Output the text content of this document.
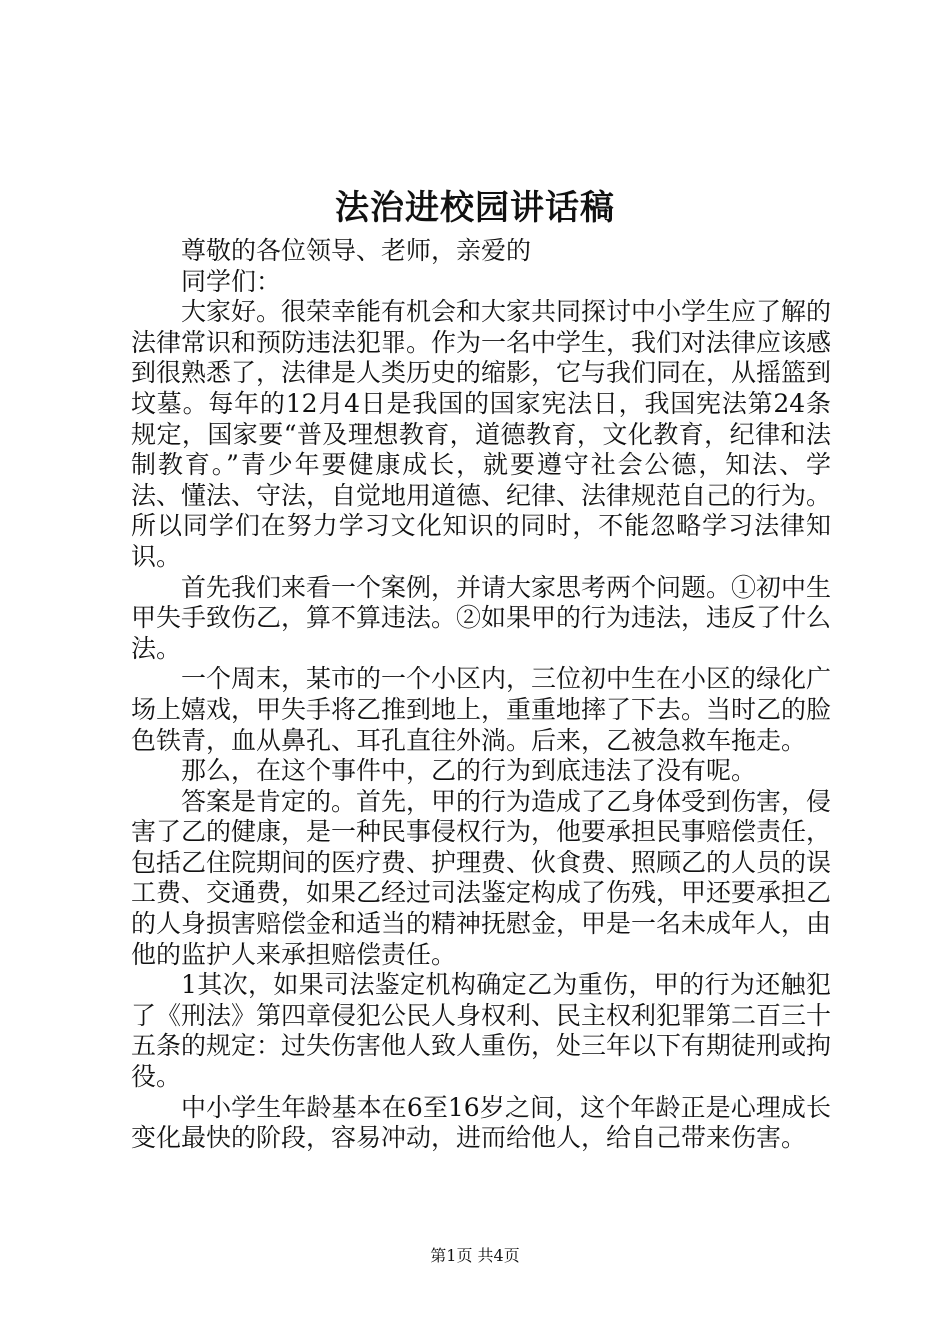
法治进校园讲话稿

尊敬的各位领导、老师，亲爱的

同学们：

大家好。很荣幸能有机会和大家共同探讨中小学生应了解的法律常识和预防违法犯罪。作为一名中学生，我们对法律应该感到很熟悉了，法律是人类历史的缩影，它与我们同在，从摇篮到坟墓。每年的12月4日是我国的国家宪法日，我国宪法第24条规定，国家要“普及理想教育，道德教育，文化教育，纪律和法制教育。”青少年要健康成长，就要遵守社会公德，知法、学法、懂法、守法，自觉地用道德、纪律、法律规范自己的行为。所以同学们在努力学习文化知识的同时，不能忽略学习法律知识。

首先我们来看一个案例，并请大家思考两个问题。①初中生甲失手致伤乙，算不算违法。②如果甲的行为违法，违反了什么法。

一个周末，某市的一个小区内，三位初中生在小区的绿化广场上嬉戏，甲失手将乙推到地上，重重地摔了下去。当时乙的脸色铁青，血从鼻孔、耳孔直往外淌。后来，乙被急救车拖走。

那么，在这个事件中，乙的行为到底违法了没有呢。

答案是肯定的。首先，甲的行为造成了乙身体受到伤害，侵害了乙的健康，是一种民事侵权行为，他要承担民事赔偿责任，包括乙住院期间的医疗费、护理费、伙食费、照顾乙的人员的误工费、交通费，如果乙经过司法鉴定构成了伤残，甲还要承担乙的人身损害赔偿金和适当的精神抚慰金，甲是一名未成年人，由他的监护人来承担赔偿责任。

1其次，如果司法鉴定机构确定乙为重伤，甲的行为还触犯了《刑法》第四章侵犯公民人身权利、民主权利犯罪第二百三十五条的规定：过失伤害他人致人重伤，处三年以下有期徒刑或拘役。

中小学生年龄基本在6至16岁之间，这个年龄正是心理成长变化最快的阶段，容易冲动，进而给他人，给自己带来伤害。

第1页 共4页
